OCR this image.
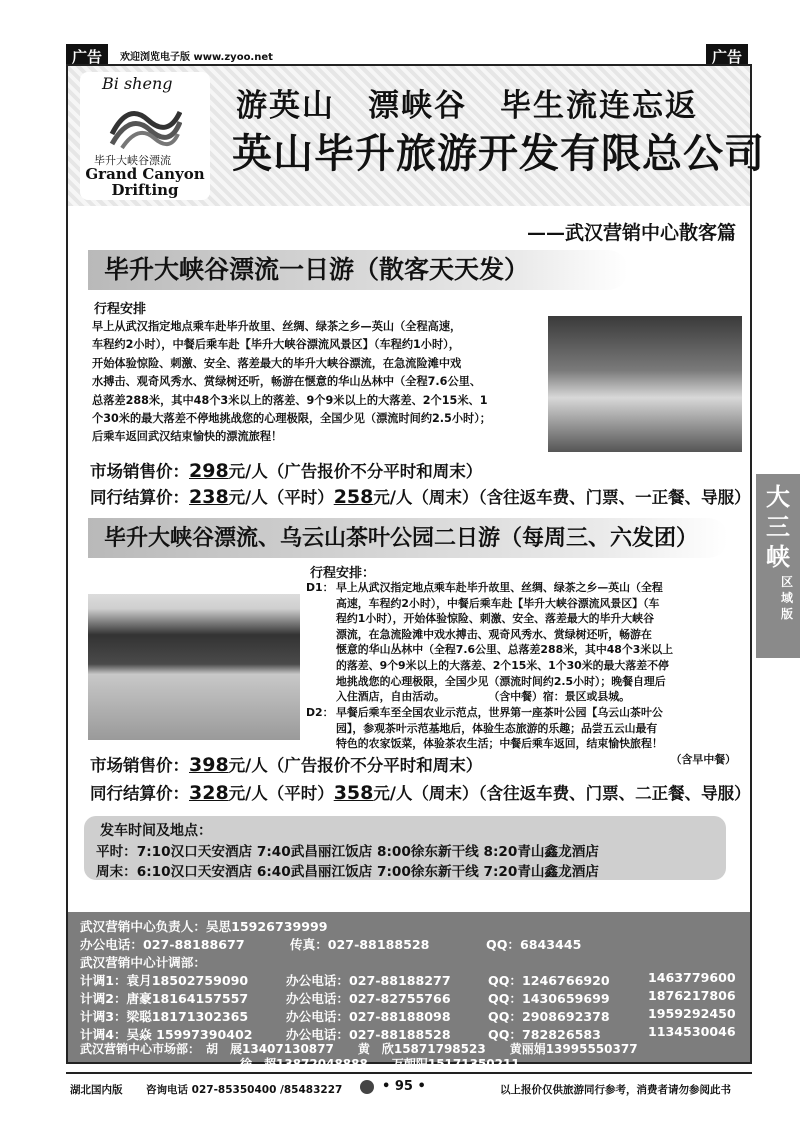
广告	欢迎浏览电子版 www.zyoo.net	广告
Bi sheng
毕升大峡谷漂流
Grand Canyon
Drifting
游英山　漂峡谷　毕生流连忘返
英山毕升旅游开发有限总公司
——武汉营销中心散客篇
毕升大峡谷漂流一日游（散客天天发）
行程安排
早上从武汉指定地点乘车赴毕升故里、丝绸、绿茶之乡—英山（全程高速，
车程约2小时），中餐后乘车赴【毕升大峡谷漂流风景区】（车程约1小时），
开始体验惊险、刺激、安全、落差最大的毕升大峡谷漂流，在急流险滩中戏
水搏击、观奇风秀水、赏绿树还听，畅游在惬意的华山丛林中（全程7.6公里、
总落差288米，其中48个3米以上的落差、9个9米以上的大落差、2个15米、1
个30米的最大落差不停地挑战您的心理极限，全国少见（漂流时间约2.5小时）；
后乘车返回武汉结束愉快的漂流旅程！
市场销售价：298元/人（广告报价不分平时和周末）
同行结算价：238元/人（平时）258元/人（周末）（含往返车费、门票、一正餐、导服）
毕升大峡谷漂流、乌云山茶叶公园二日游（每周三、六发团）
行程安排：
D1： 早上从武汉指定地点乘车赴毕升故里、丝绸、绿茶之乡—英山（全程
高速，车程约2小时），中餐后乘车赴【毕升大峡谷漂流风景区】（车
程约1小时），开始体验惊险、刺激、安全、落差最大的毕升大峡谷
漂流，在急流险滩中戏水搏击、观奇风秀水、赏绿树还听，畅游在
惬意的华山丛林中（全程7.6公里、总落差288米，其中48个3米以上
的落差、9个9米以上的大落差、2个15米、1个30米的最大落差不停
地挑战您的心理极限，全国少见（漂流时间约2.5小时）；晚餐自理后
入住酒店，自由活动。　　　　　（含中餐）宿：景区或县城。
D2： 早餐后乘车至全国农业示范点，世界第一座茶叶公园【乌云山茶叶公
园】，参观茶叶示范基地后，体验生态旅游的乐趣；品尝五云山最有
特色的农家饭菜，体验茶农生活；中餐后乘车返回，结束愉快旅程！
（含早中餐）
市场销售价：398元/人（广告报价不分平时和周末）
同行结算价：328元/人（平时）358元/人（周末）（含往返车费、门票、二正餐、导服）
发车时间及地点：
平时：7:10汉口天安酒店 7:40武昌丽江饭店 8:00徐东新干线 8:20青山鑫龙酒店
周末：6:10汉口天安酒店 6:40武昌丽江饭店 7:00徐东新干线 7:20青山鑫龙酒店
武汉营销中心负责人：吴思15926739999
办公电话：027-88188677	传真：027-88188528	QQ：6843445
武汉营销中心计调部：
计调1：袁月18502759090	办公电话：027-88188277	QQ：1246766920	1463779600
计调2：唐豪18164157557	办公电话：027-82755766	QQ：1430659699	1876217806
计调3：梁聪18171302365	办公电话：027-88188098	QQ：2908692378	1959292450
计调4：吴焱 15997390402	办公电话：027-88188528	QQ：782826583	1134530046
武汉营销中心市场部：　胡　展13407130877　　黄　欣15871798523　　黄丽娟13995550377
徐　超13872048888　　万朝阳15171350211
大三峡
区域版
湖北国内版 咨询电话 027-85350400 /85483227	• 95 •	以上报价仅供旅游同行参考，消费者请勿参阅此书
